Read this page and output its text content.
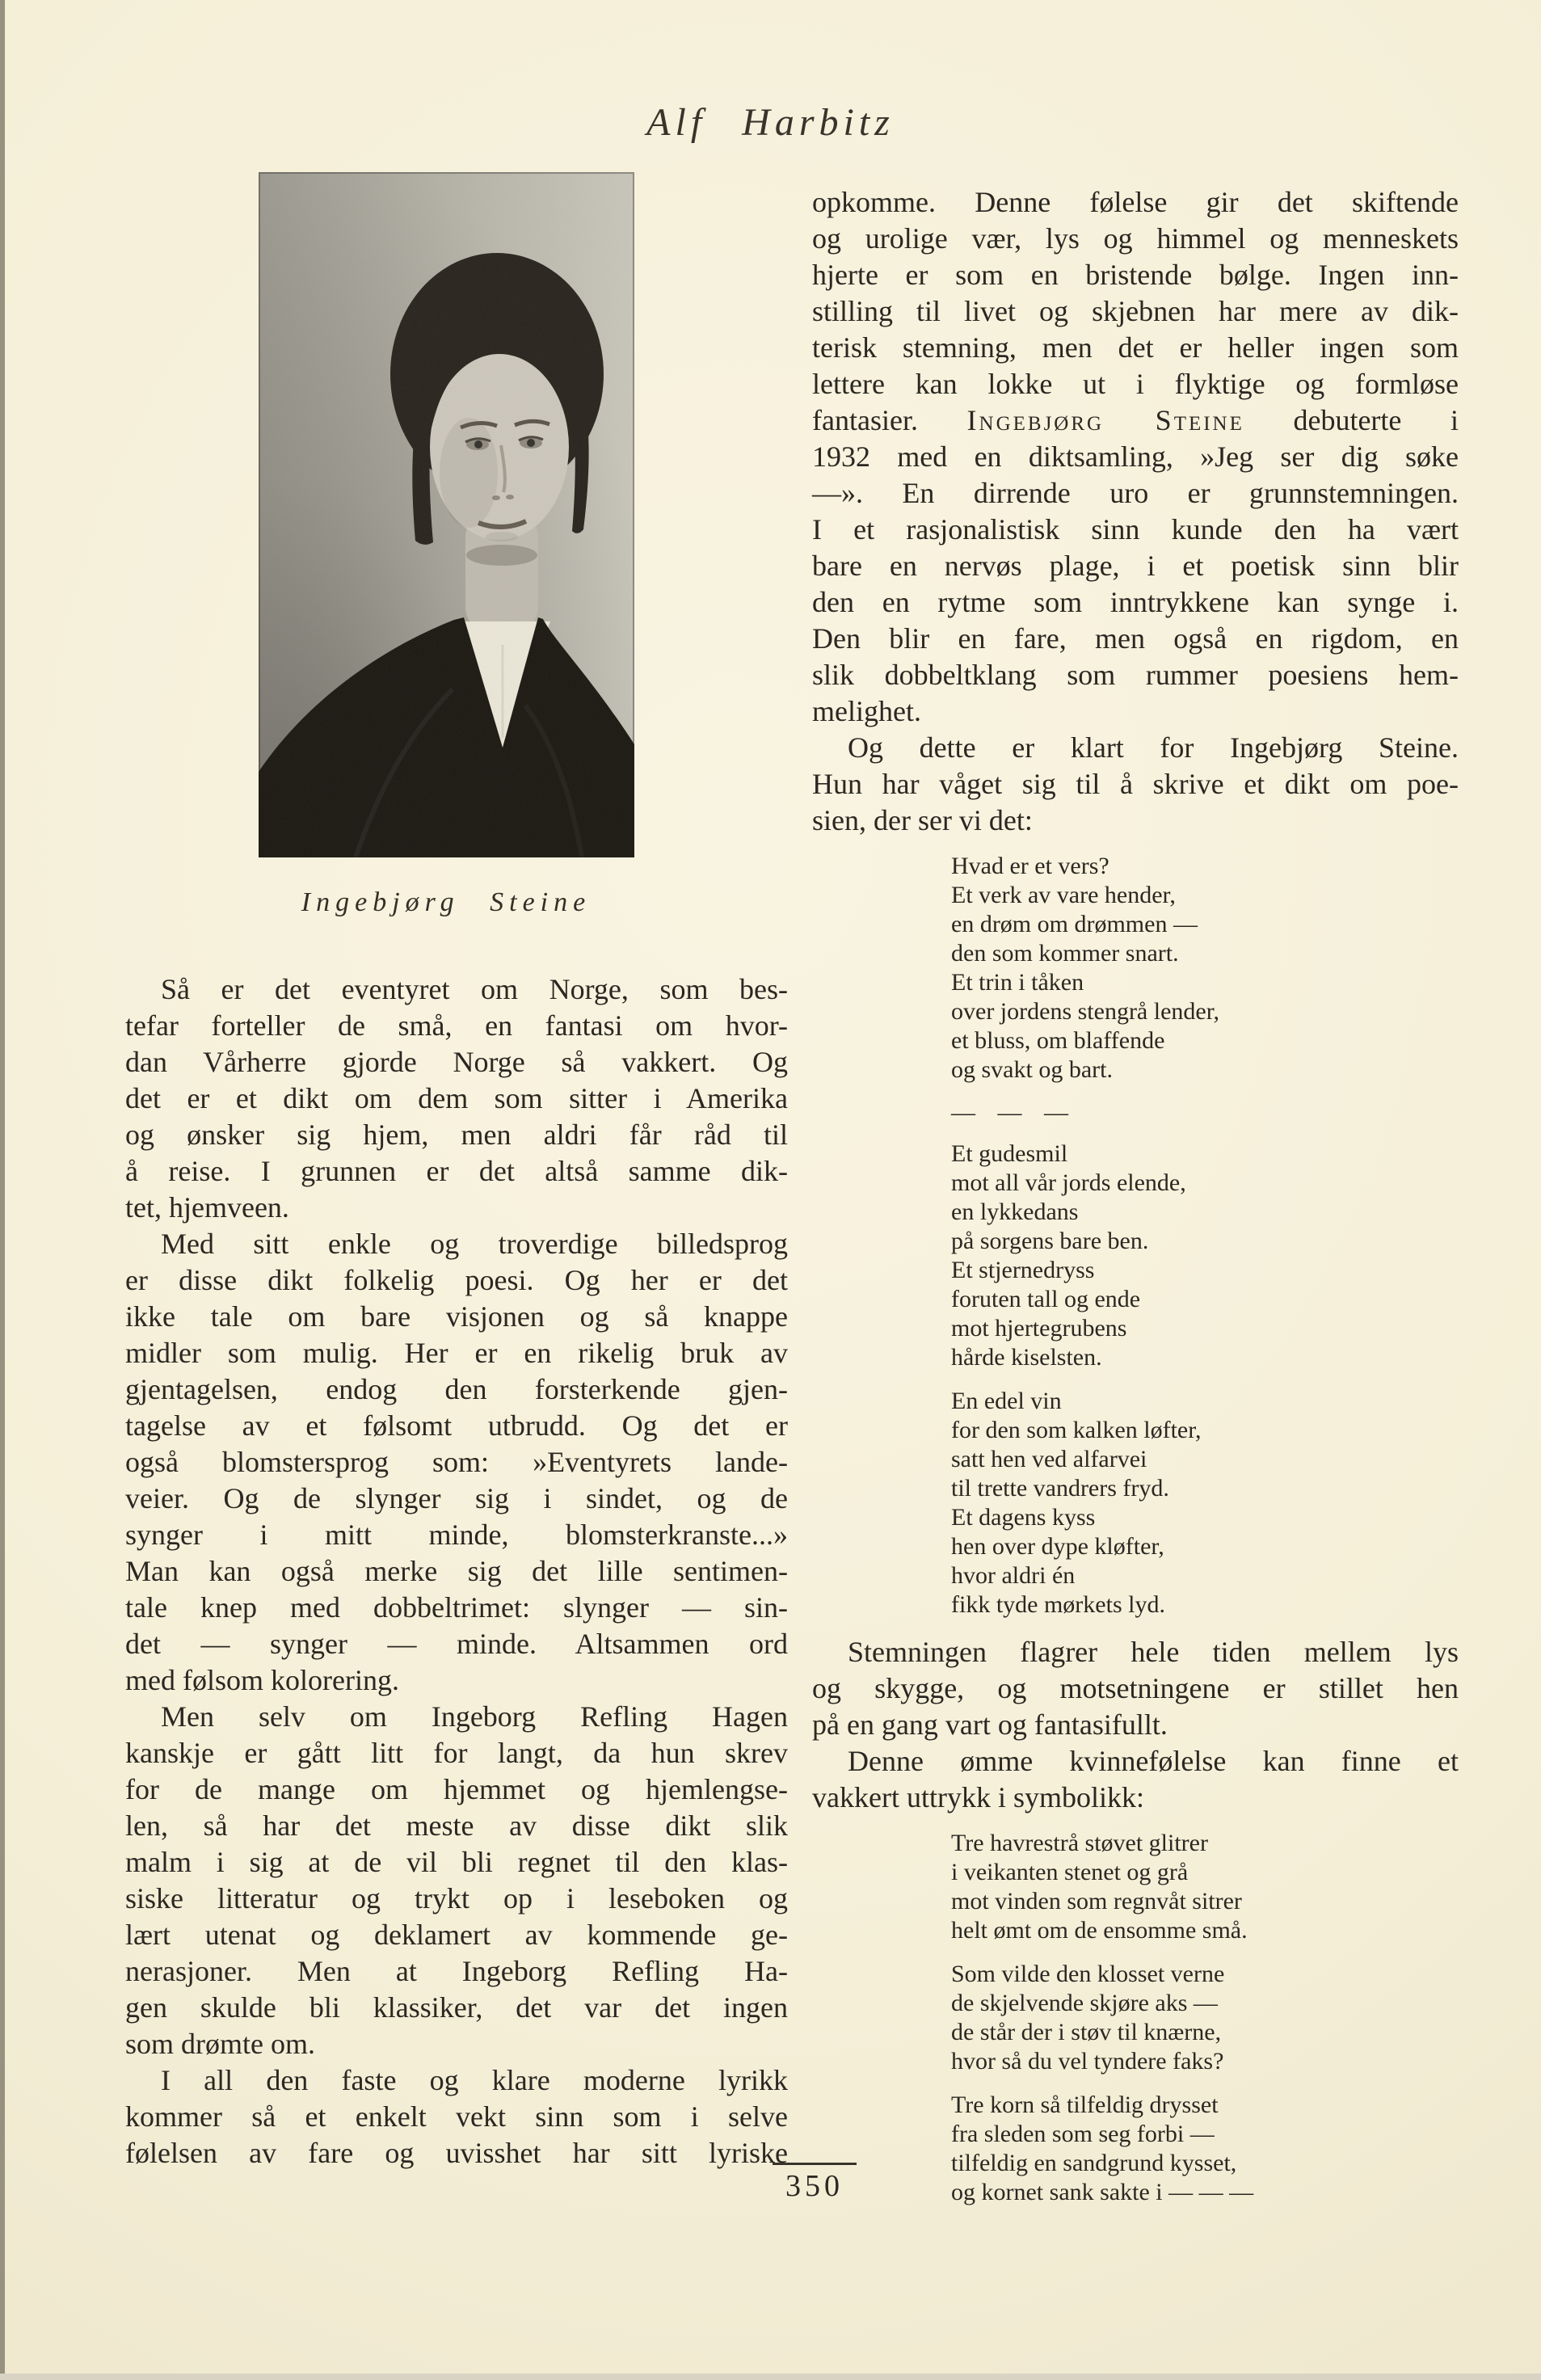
Alf Harbitz
Ingebjørg Steine
Så er det eventyret om Norge, som bes-
tefar forteller de små, en fantasi om hvor-
dan Vårherre gjorde Norge så vakkert. Og
det er et dikt om dem som sitter i Amerika
og ønsker sig hjem, men aldri får råd til
å reise. I grunnen er det altså samme dik-
tet, hjemveen.
Med sitt enkle og troverdige billedsprog
er disse dikt folkelig poesi. Og her er det
ikke tale om bare visjonen og så knappe
midler som mulig. Her er en rikelig bruk av
gjentagelsen, endog den forsterkende gjen-
tagelse av et følsomt utbrudd. Og det er
også blomstersprog som: »Eventyrets lande-
veier. Og de slynger sig i sindet, og de
synger i mitt minde, blomsterkranste...»
Man kan også merke sig det lille sentimen-
tale knep med dobbeltrimet: slynger — sin-
det — synger — minde. Altsammen ord
med følsom kolorering.
Men selv om Ingeborg Refling Hagen
kanskje er gått litt for langt, da hun skrev
for de mange om hjemmet og hjemlengse-
len, så har det meste av disse dikt slik
malm i sig at de vil bli regnet til den klas-
siske litteratur og trykt op i leseboken og
lært utenat og deklamert av kommende ge-
nerasjoner. Men at Ingeborg Refling Ha-
gen skulde bli klassiker, det var det ingen
som drømte om.
I all den faste og klare moderne lyrikk
kommer så et enkelt vekt sinn som i selve
følelsen av fare og uvisshet har sitt lyriske
opkomme. Denne følelse gir det skiftende
og urolige vær, lys og himmel og menneskets
hjerte er som en bristende bølge. Ingen inn-
stilling til livet og skjebnen har mere av dik-
terisk stemning, men det er heller ingen som
lettere kan lokke ut i flyktige og formløse
fantasier. Ingebjørg Steine debuterte i
1932 med en diktsamling, »Jeg ser dig søke
—». En dirrende uro er grunnstemningen.
I et rasjonalistisk sinn kunde den ha vært
bare en nervøs plage, i et poetisk sinn blir
den en rytme som inntrykkene kan synge i.
Den blir en fare, men også en rigdom, en
slik dobbeltklang som rummer poesiens hem-
melighet.
Og dette er klart for Ingebjørg Steine.
Hun har våget sig til å skrive et dikt om poe-
sien, der ser vi det:
Hvad er et vers?
Et verk av vare hender,
en drøm om drømmen —
den som kommer snart.
Et trin i tåken
over jordens stengrå lender,
et bluss, om blaffende
og svakt og bart.
— — —
Et gudesmil
mot all vår jords elende,
en lykkedans
på sorgens bare ben.
Et stjernedryss
foruten tall og ende
mot hjertegrubens
hårde kiselsten.
En edel vin
for den som kalken løfter,
satt hen ved alfarvei
til trette vandrers fryd.
Et dagens kyss
hen over dype kløfter,
hvor aldri én
fikk tyde mørkets lyd.
Stemningen flagrer hele tiden mellem lys
og skygge, og motsetningene er stillet hen
på en gang vart og fantasifullt.
Denne ømme kvinnefølelse kan finne et
vakkert uttrykk i symbolikk:
Tre havrestrå støvet glitrer
i veikanten stenet og grå
mot vinden som regnvåt sitrer
helt ømt om de ensomme små.
Som vilde den klosset verne
de skjelvende skjøre aks —
de står der i støv til knærne,
hvor så du vel tyndere faks?
Tre korn så tilfeldig drysset
fra sleden som seg forbi —
tilfeldig en sandgrund kysset,
og kornet sank sakte i — — —
350
